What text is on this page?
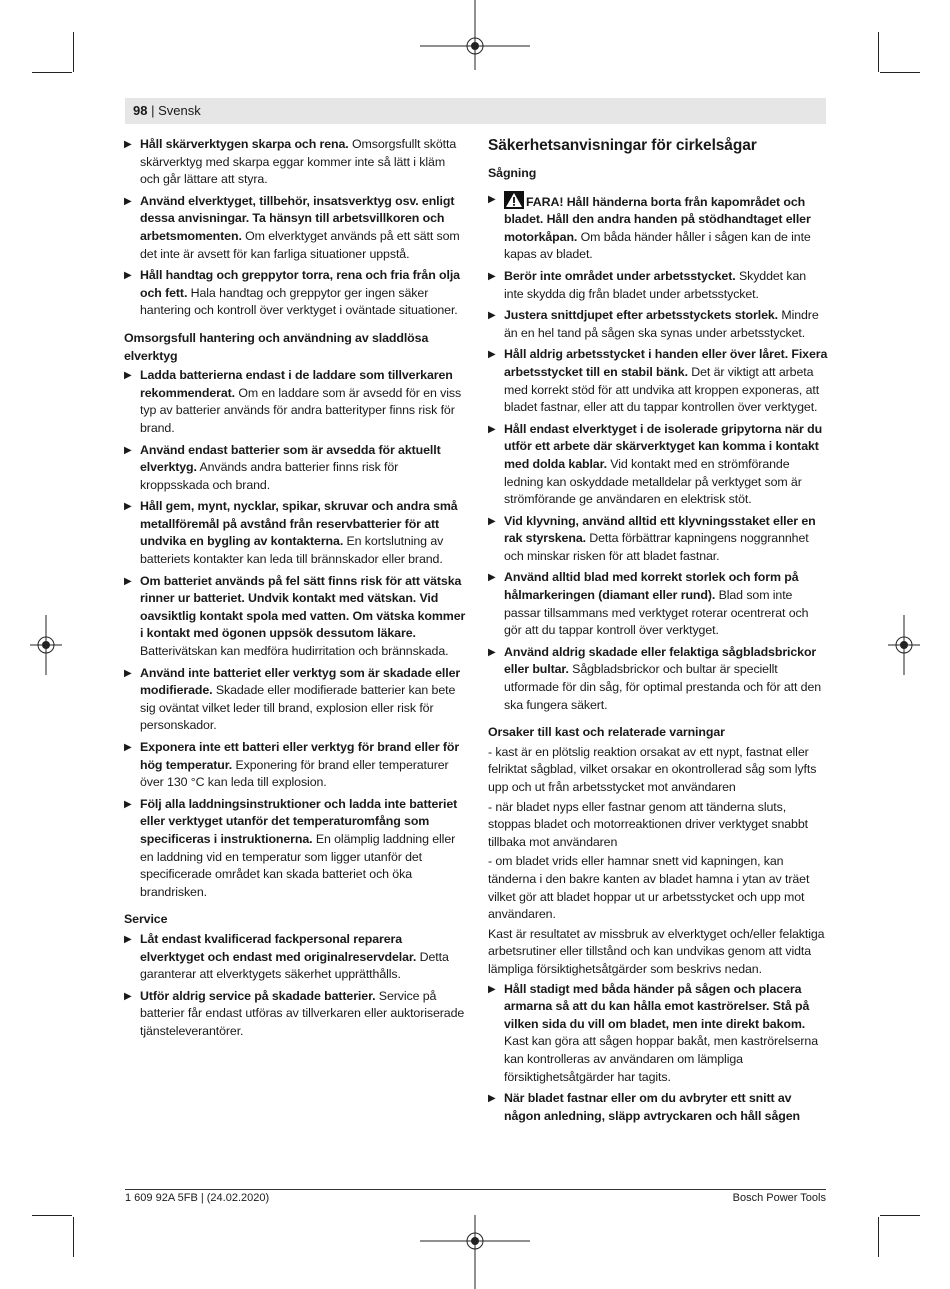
98 | Svensk
▶ Håll skärverktygen skarpa och rena. Omsorgsfullt skötta skärverktyg med skarpa eggar kommer inte så lätt i kläm och går lättare att styra.
▶ Använd elverktyget, tillbehör, insatsverktyg osv. enligt dessa anvisningar. Ta hänsyn till arbetsvillkoren och arbetsmomenten. Om elverktyget används på ett sätt som det inte är avsett för kan farliga situationer uppstå.
▶ Håll handtag och greppytor torra, rena och fria från olja och fett. Hala handtag och greppytor ger ingen säker hantering och kontroll över verktyget i oväntade situationer.
Omsorgsfull hantering och användning av sladdlösa elverktyg
▶ Ladda batterierna endast i de laddare som tillverkaren rekommenderat. Om en laddare som är avsedd för en viss typ av batterier används för andra batterityper finns risk för brand.
▶ Använd endast batterier som är avsedda för aktuellt elverktyg. Används andra batterier finns risk för kroppsskada och brand.
▶ Håll gem, mynt, nycklar, spikar, skruvar och andra små metallföremål på avstånd från reservbatterier för att undvika en bygling av kontakterna. En kortslutning av batteriets kontakter kan leda till brännskador eller brand.
▶ Om batteriet används på fel sätt finns risk för att vätska rinner ur batteriet. Undvik kontakt med vätskan. Vid oavsiktlig kontakt spola med vatten. Om vätska kommer i kontakt med ögonen uppsök dessutom läkare. Batterivätskan kan medföra hudirritation och brännskada.
▶ Använd inte batteriet eller verktyg som är skadade eller modifierade. Skadade eller modifierade batterier kan bete sig oväntat vilket leder till brand, explosion eller risk för personskador.
▶ Exponera inte ett batteri eller verktyg för brand eller för hög temperatur. Exponering för brand eller temperaturer över 130 °C kan leda till explosion.
▶ Följ alla laddningsinstruktioner och ladda inte batteriet eller verktyget utanför det temperaturomfång som specificeras i instruktionerna. En olämplig laddning eller en laddning vid en temperatur som ligger utanför det specificerade området kan skada batteriet och öka brandrisken.
Service
▶ Låt endast kvalificerad fackpersonal reparera elverktyget och endast med originalreservdelar. Detta garanterar att elverktygets säkerhet upprätthålls.
▶ Utför aldrig service på skadade batterier. Service på batterier får endast utföras av tillverkaren eller auktoriserade tjänsteleverantörer.
Säkerhetsanvisningar för cirkelsågar
Sågning
▶ FARA! Håll händerna borta från kapområdet och bladet. Håll den andra handen på stödhandtaget eller motorkåpan. Om båda händer håller i sågen kan de inte kapas av bladet.
▶ Berör inte området under arbetsstycket. Skyddet kan inte skydda dig från bladet under arbetsstycket.
▶ Justera snittdjupet efter arbetsstyckets storlek. Mindre än en hel tand på sågen ska synas under arbetsstycket.
▶ Håll aldrig arbetsstycket i handen eller över låret. Fixera arbetsstycket till en stabil bänk. Det är viktigt att arbeta med korrekt stöd för att undvika att kroppen exponeras, att bladet fastnar, eller att du tappar kontrollen över verktyget.
▶ Håll endast elverktyget i de isolerade gripytorna när du utför ett arbete där skärverktyget kan komma i kontakt med dolda kablar. Vid kontakt med en strömförande ledning kan oskyddade metalldelar på verktyget som är strömförande ge användaren en elektrisk stöt.
▶ Vid klyvning, använd alltid ett klyvningsstaket eller en rak styrskena. Detta förbättrar kapningens noggrannhet och minskar risken för att bladet fastnar.
▶ Använd alltid blad med korrekt storlek och form på hålmarkeringen (diamant eller rund). Blad som inte passar tillsammans med verktyget roterar ocentrerat och gör att du tappar kontroll över verktyget.
▶ Använd aldrig skadade eller felaktiga sågbladsbrickor eller bultar. Sågbladsbrickor och bultar är speciellt utformade för din såg, för optimal prestanda och för att den ska fungera säkert.
Orsaker till kast och relaterade varningar
- kast är en plötslig reaktion orsakat av ett nypt, fastnat eller felriktat sågblad, vilket orsakar en okontrollerad såg som lyfts upp och ut från arbetsstycket mot användaren
- när bladet nyps eller fastnar genom att tänderna sluts, stoppas bladet och motorreaktionen driver verktyget snabbt tillbaka mot användaren
- om bladet vrids eller hamnar snett vid kapningen, kan tänderna i den bakre kanten av bladet hamna i ytan av träet vilket gör att bladet hoppar ut ur arbetsstycket och upp mot användaren.
Kast är resultatet av missbruk av elverktyget och/eller felaktiga arbetsrutiner eller tillstånd och kan undvikas genom att vidta lämpliga försiktighetsåtgärder som beskrivs nedan.
▶ Håll stadigt med båda händer på sågen och placera armarna så att du kan hålla emot kaströrelser. Stå på vilken sida du vill om bladet, men inte direkt bakom. Kast kan göra att sågen hoppar bakåt, men kaströrelserna kan kontrolleras av användaren om lämpliga försiktighetsåtgärder har tagits.
▶ När bladet fastnar eller om du avbryter ett snitt av någon anledning, släpp avtryckaren och håll sågen
1 609 92A 5FB | (24.02.2020)	Bosch Power Tools
